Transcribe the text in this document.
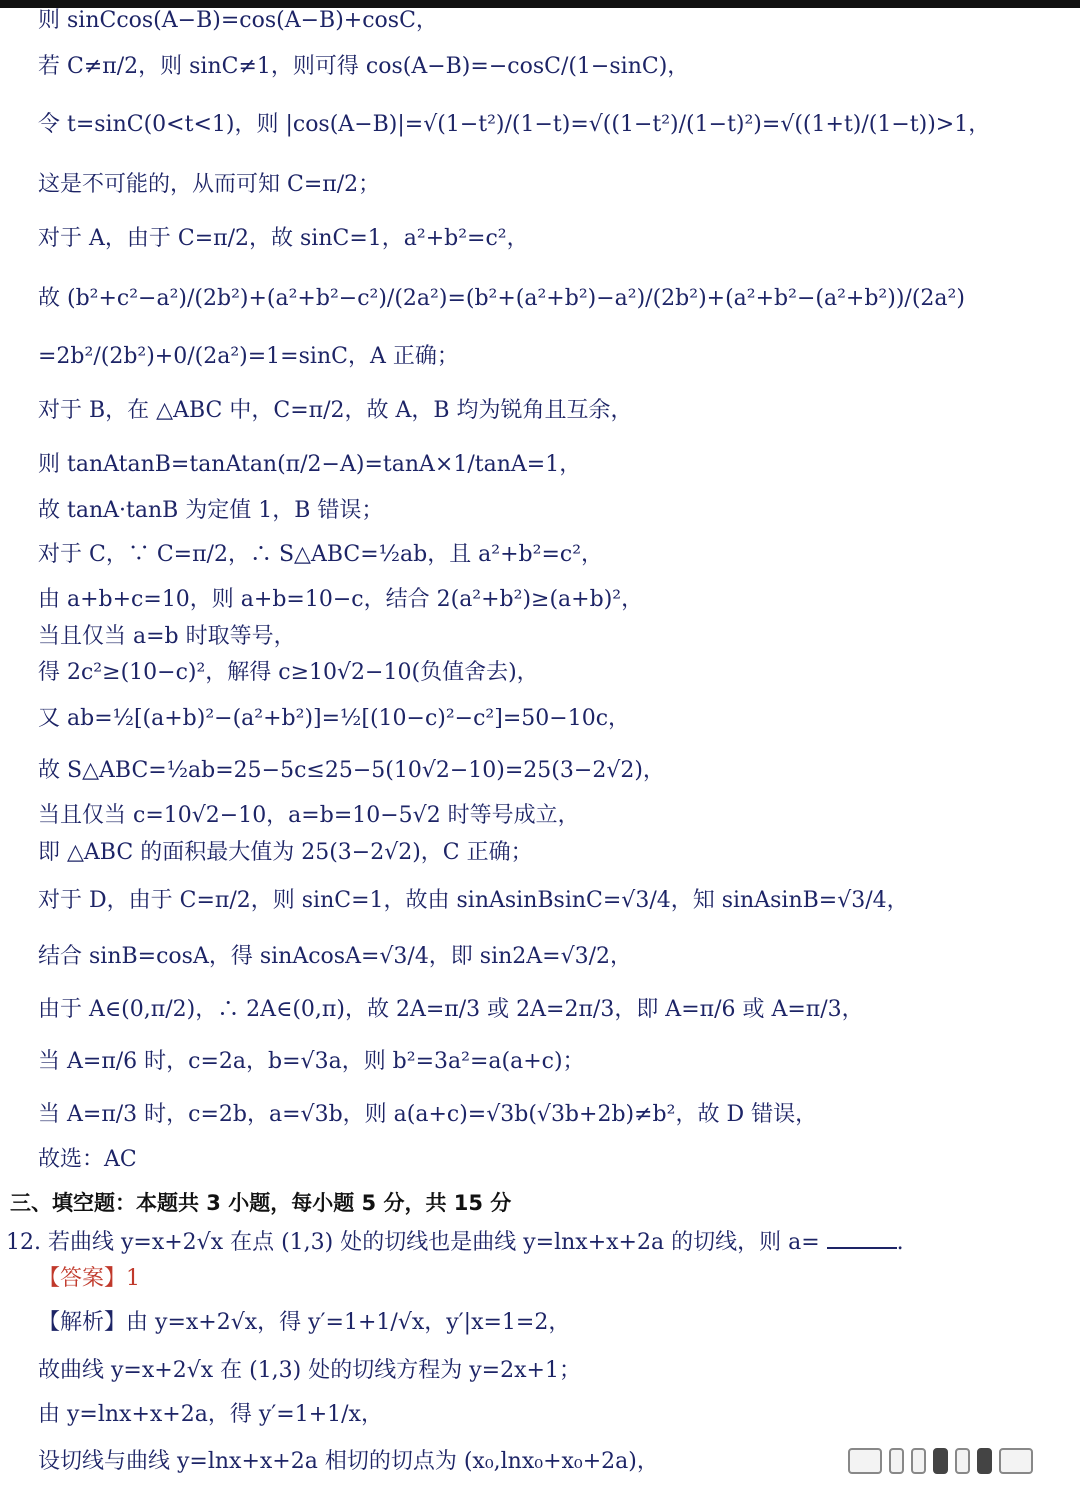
则 sinCcos(A−B)=cos(A−B)+cosC，
若 C≠π/2，则 sinC≠1，则可得 cos(A−B)=−cosC/(1−sinC)，
令 t=sinC(0<t<1)，则 |cos(A−B)|=√(1−t²)/(1−t)=√((1−t²)/(1−t)²)=√((1+t)/(1−t))>1，
这是不可能的，从而可知 C=π/2；
对于 A，由于 C=π/2，故 sinC=1，a²+b²=c²，
故 (b²+c²−a²)/(2b²)+(a²+b²−c²)/(2a²)=(b²+(a²+b²)−a²)/(2b²)+(a²+b²−(a²+b²))/(2a²)
=2b²/(2b²)+0/(2a²)=1=sinC，A 正确；
对于 B，在 △ABC 中，C=π/2，故 A，B 均为锐角且互余，
则 tanAtanB=tanAtan(π/2−A)=tanA×1/tanA=1，
故 tanA·tanB 为定值 1，B 错误；
对于 C，∵ C=π/2，∴ S△ABC=½ab，且 a²+b²=c²，
由 a+b+c=10，则 a+b=10−c，结合 2(a²+b²)≥(a+b)²，
当且仅当 a=b 时取等号，
得 2c²≥(10−c)²，解得 c≥10√2−10(负值舍去)，
又 ab=½[(a+b)²−(a²+b²)]=½[(10−c)²−c²]=50−10c，
故 S△ABC=½ab=25−5c≤25−5(10√2−10)=25(3−2√2)，
当且仅当 c=10√2−10，a=b=10−5√2 时等号成立，
即 △ABC 的面积最大值为 25(3−2√2)，C 正确；
对于 D，由于 C=π/2，则 sinC=1，故由 sinAsinBsinC=√3/4，知 sinAsinB=√3/4，
结合 sinB=cosA，得 sinAcosA=√3/4，即 sin2A=√3/2，
由于 A∈(0,π/2)，∴ 2A∈(0,π)，故 2A=π/3 或 2A=2π/3，即 A=π/6 或 A=π/3，
当 A=π/6 时，c=2a，b=√3a，则 b²=3a²=a(a+c)；
当 A=π/3 时，c=2b，a=√3b，则 a(a+c)=√3b(√3b+2b)≠b²，故 D 错误，
故选：AC
三、填空题：本题共 3 小题，每小题 5 分，共 15 分
12. 若曲线 y=x+2√x 在点 (1,3) 处的切线也是曲线 y=lnx+x+2a 的切线，则 a=	.
【答案】1
【解析】由 y=x+2√x，得 y′=1+1/√x，y′|x=1=2，
故曲线 y=x+2√x 在 (1,3) 处的切线方程为 y=2x+1；
由 y=lnx+x+2a，得 y′=1+1/x，
设切线与曲线 y=lnx+x+2a 相切的切点为 (x₀,lnx₀+x₀+2a)，
